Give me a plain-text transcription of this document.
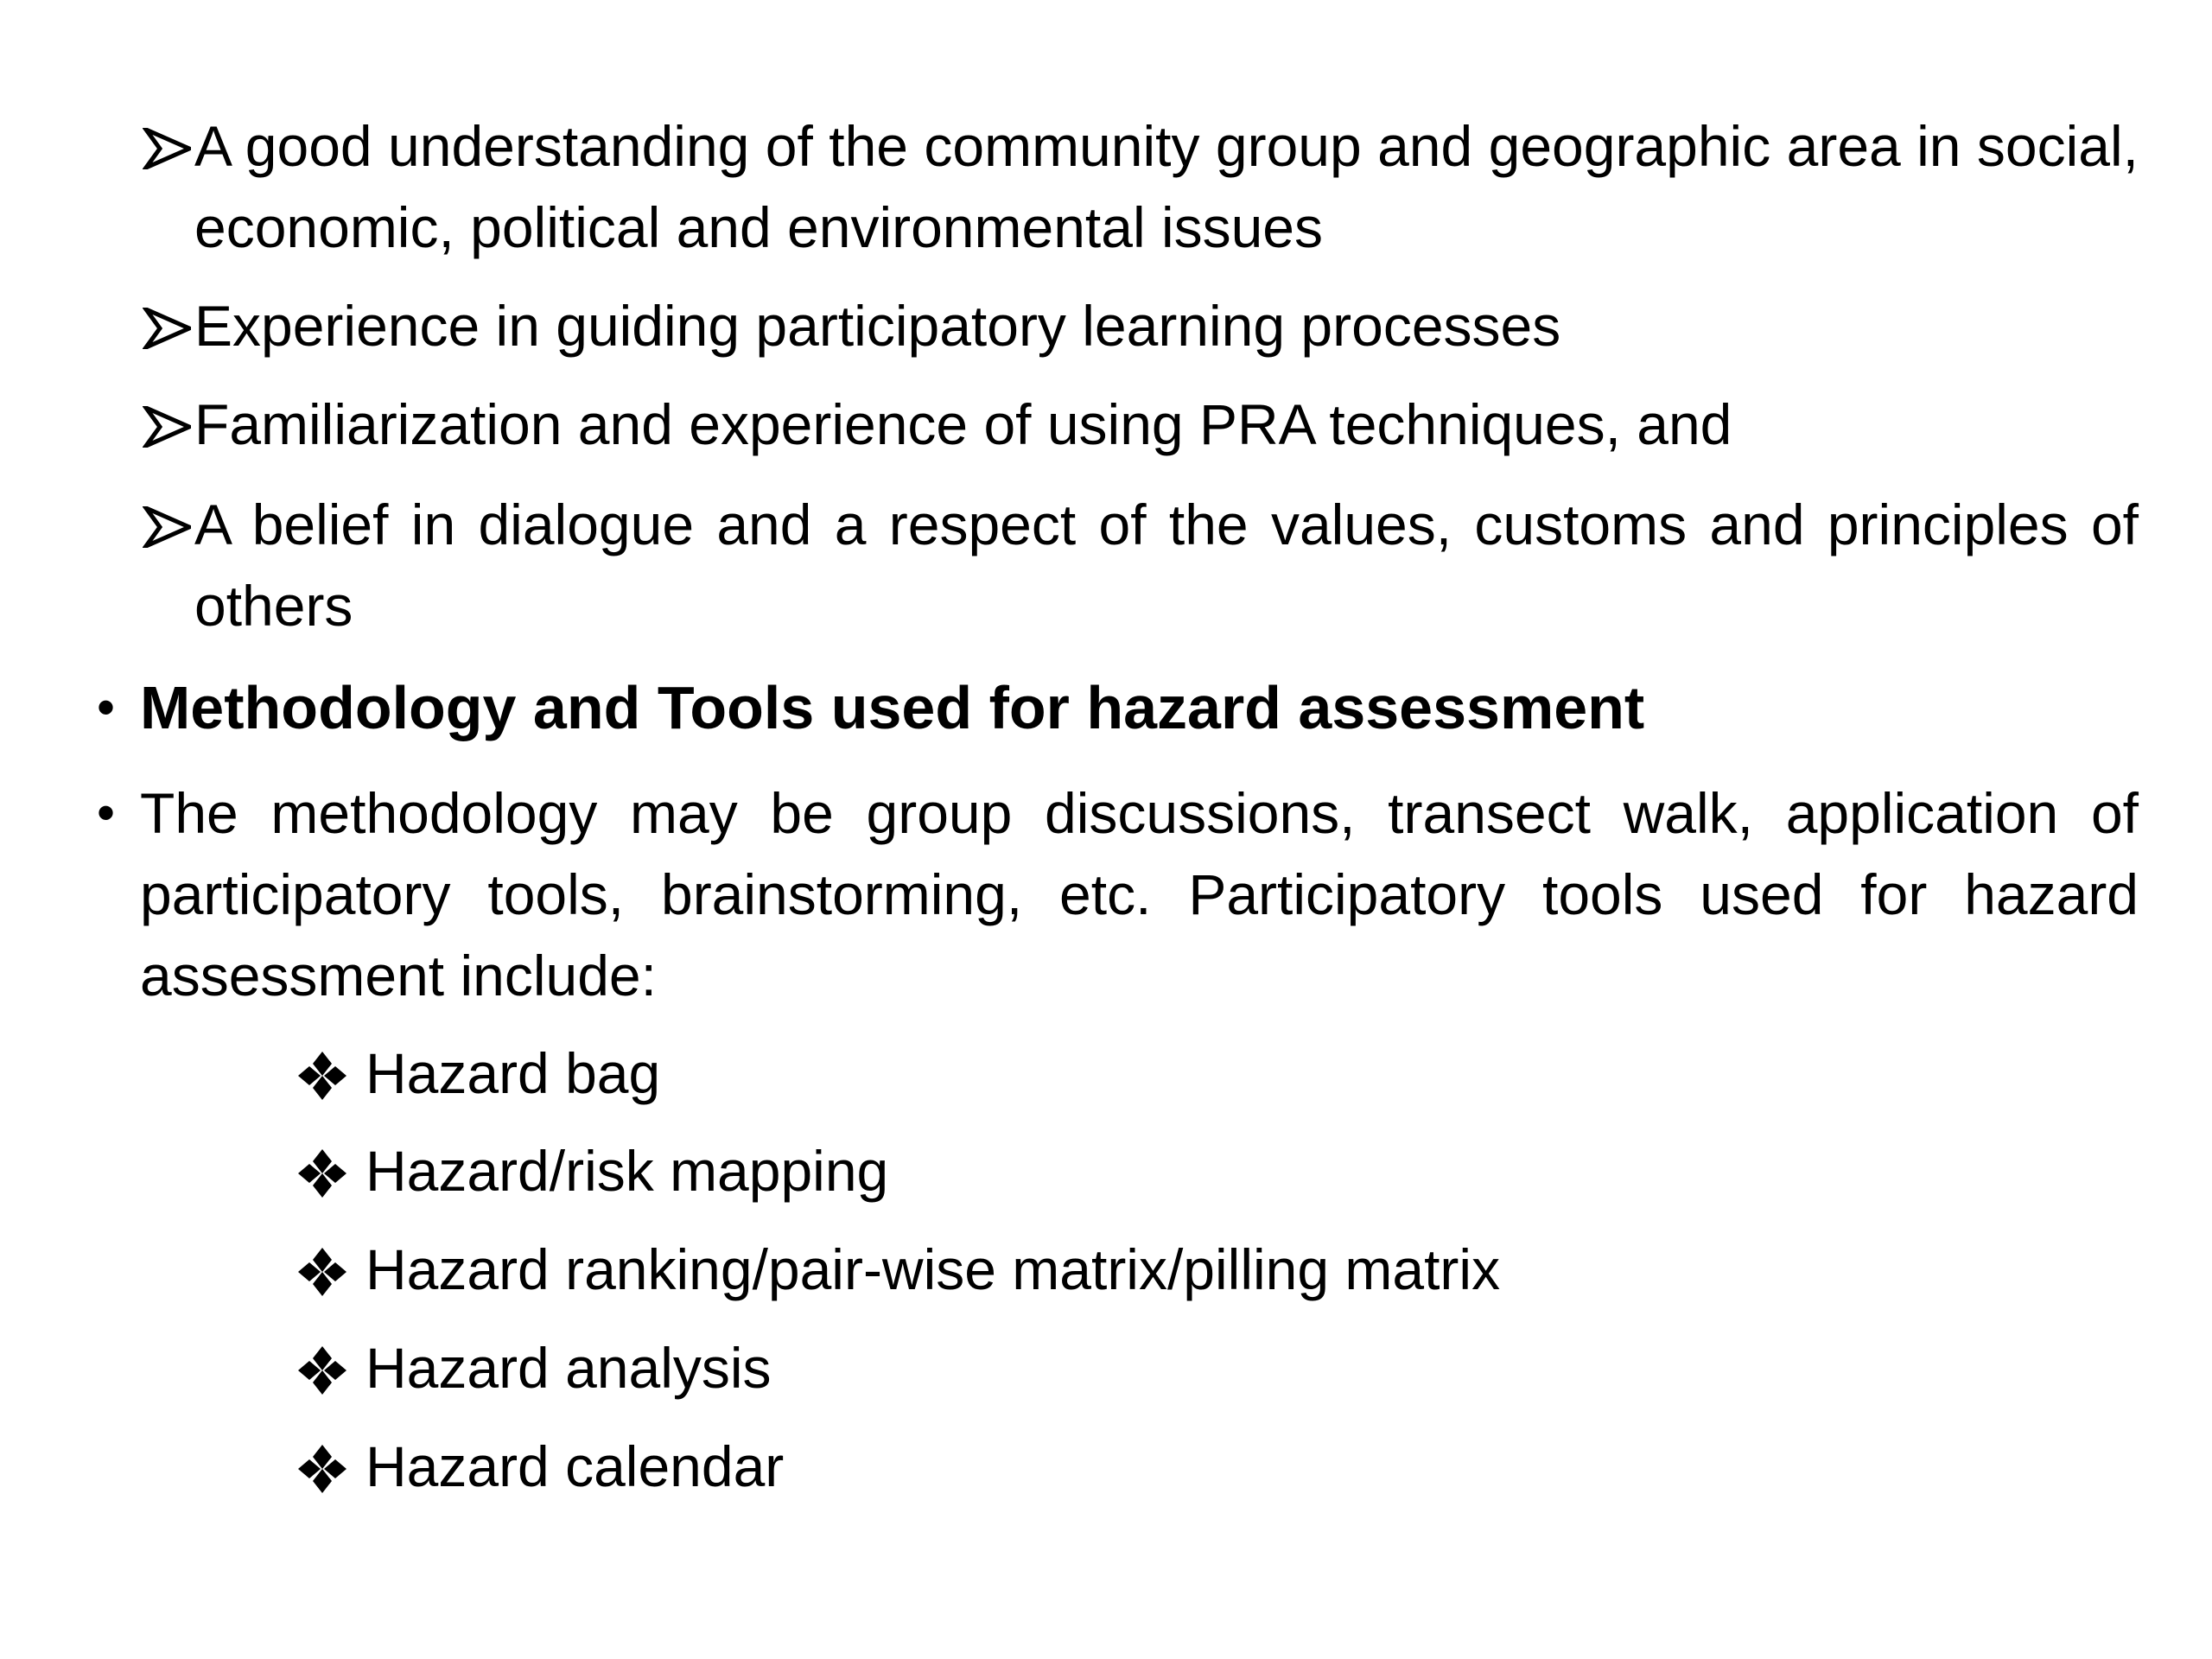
A good understanding of the community group and geographic area in social, economic, political and environmental issues
Experience in guiding participatory learning processes
Familiarization and experience of using PRA techniques, and
A belief in dialogue and a respect of the values, customs and principles of others
• Methodology and Tools used for hazard assessment
• The methodology may be group discussions, transect walk, application of participatory tools, brainstorming, etc. Participatory tools used for hazard assessment include:
Hazard bag
Hazard/risk mapping
Hazard ranking/pair-wise matrix/pilling matrix
Hazard analysis
Hazard calendar
